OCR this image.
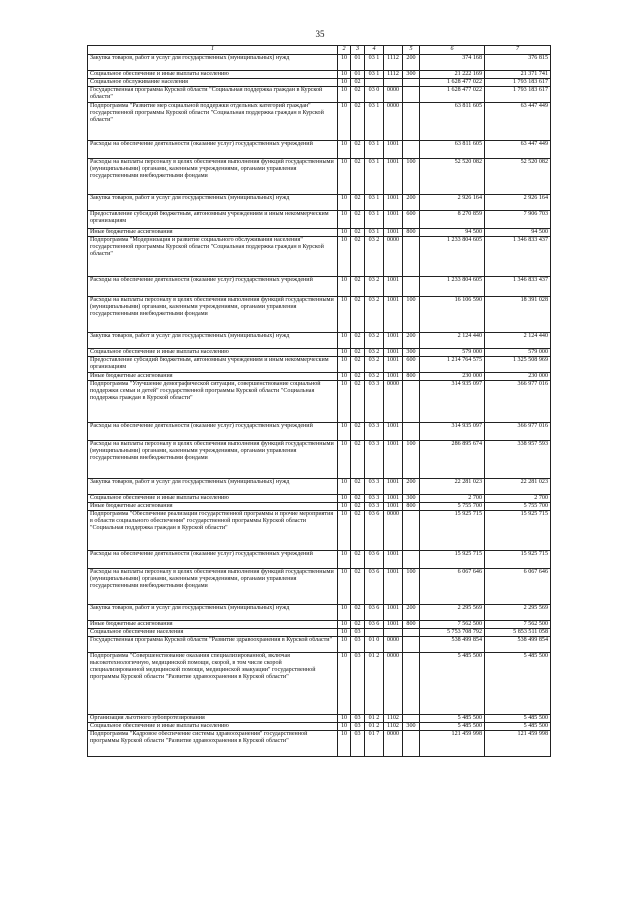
35
1	2	3	4		5	6	7
Закупка товаров, работ и услуг для государственных (муниципальных) нужд	10	01	03 1	1112	200	374 168	376 815
Социальное обеспечение и иные выплаты населению	10	01	03 1	1112	300	21 222 169	21 371 741
Социальное обслуживание населения	10	02				1 628 477 022	1 793 183 617
Государственная программа Курской области "Социальная поддержка граждан в Курской области"	10	02	03 0	0000		1 628 477 022	1 793 183 617
Подпрограмма "Развитие мер социальной поддержки отдельных категорий граждан" государственной программы Курской области "Социальная поддержка граждан в Курской области"	10	02	03 1	0000		63 811 605	63 447 449
Расходы на обеспечение деятельности (оказание услуг) государственных учреждений	10	02	03 1	1001		63 811 605	63 447 449
Расходы на выплаты персоналу в целях обеспечения выполнения функций государственными (муниципальными) органами, казенными учреждениями, органами управления государственными внебюджетными фондами	10	02	03 1	1001	100	52 520 082	52 520 082
Закупка товаров, работ и услуг для государственных (муниципальных) нужд	10	02	03 1	1001	200	2 926 164	2 926 164
Предоставление субсидий бюджетным, автономным учреждениям и иным некоммерческим организациям	10	02	03 1	1001	600	8 270 859	7 906 703
Иные бюджетные ассигнования	10	02	03 1	1001	800	94 500	94 500
Подпрограмма "Модернизация и развитие социального обслуживания населения" государственной программы Курской области "Социальная поддержка граждан в Курской области"	10	02	03 2	0000		1 233 804 605	1 346 833 437
Расходы на обеспечение деятельности (оказание услуг) государственных учреждений	10	02	03 2	1001		1 233 804 605	1 346 833 437
Расходы на выплаты персоналу в целях обеспечения выполнения функций государственными (муниципальными) органами, казенными учреждениями, органами управления государственными внебюджетными фондами	10	02	03 2	1001	100	16 106 590	18 391 028
Закупка товаров, работ и услуг для государственных (муниципальных) нужд	10	02	03 2	1001	200	2 124 440	2 124 440
Социальное обеспечение и иные выплаты населению	10	02	03 2	1001	300	579 000	579 000
Предоставление субсидий бюджетным, автономным учреждениям и иным некоммерческим организациям	10	02	03 2	1001	600	1 214 764 575	1 325 508 969
Иные бюджетные ассигнования	10	02	03 2	1001	800	230 000	230 000
Подпрограмма "Улучшение демографической ситуации, совершенствование социальной поддержки семьи и детей" государственной программы Курской области "Социальная поддержка граждан в Курской области"	10	02	03 3	0000		314 935 097	366 977 016
Расходы на обеспечение деятельности (оказание услуг) государственных учреждений	10	02	03 3	1001		314 935 097	366 977 016
Расходы на выплаты персоналу в целях обеспечения выполнения функций государственными (муниципальными) органами, казенными учреждениями, органами управления государственными внебюджетными фондами	10	02	03 3	1001	100	286 895 674	338 957 593
Закупка товаров, работ и услуг для государственных (муниципальных) нужд	10	02	03 3	1001	200	22 281 023	22 281 023
Социальное обеспечение и иные выплаты населению	10	02	03 3	1001	300	2 700	2 700
Иные бюджетные ассигнования	10	02	03 3	1001	800	5 755 700	5 755 700
Подпрограмма "Обеспечение реализации государственной программы и прочие мероприятия в области социального обеспечения" государственной программы Курской области "Социальная поддержка граждан в Курской области"	10	02	03 6	0000		15 925 715	15 925 715
Расходы на обеспечение деятельности (оказание услуг) государственных учреждений	10	02	03 6	1001		15 925 715	15 925 715
Расходы на выплаты персоналу в целях обеспечения выполнения функций государственными (муниципальными) органами, казенными учреждениями, органами управления государственными внебюджетными фондами	10	02	03 6	1001	100	6 067 646	6 067 646
Закупка товаров, работ и услуг для государственных (муниципальных) нужд	10	02	03 6	1001	200	2 295 569	2 295 569
Иные бюджетные ассигнования	10	02	03 6	1001	800	7 562 500	7 562 500
Социальное обеспечение населения	10	03				5 753 708 792	5 853 511 058
Государственная программа Курской области "Развитие здравоохранения в Курской области"	10	03	01 0	0000		538 499 854	538 499 854
Подпрограмма "Совершенствование оказания специализированной, включая высокотехнологичную, медицинской помощи, скорой, в том числе скорой специализированной медицинской помощи, медицинской эвакуации" государственной программы Курской области "Развитие здравоохранения в Курской области"	10	03	01 2	0000		5 485 500	5 485 500
Организация льготного зубопротезирования	10	03	01 2	1102		5 485 500	5 485 500
Социальное обеспечение и иные выплаты населению	10	03	01 2	1102	300	5 485 500	5 485 500
Подпрограмма "Кадровое обеспечение системы здравоохранения" государственной программы Курской области "Развитие здравоохранения в Курской области"	10	03	01 7	0000		121 459 998	121 459 998
